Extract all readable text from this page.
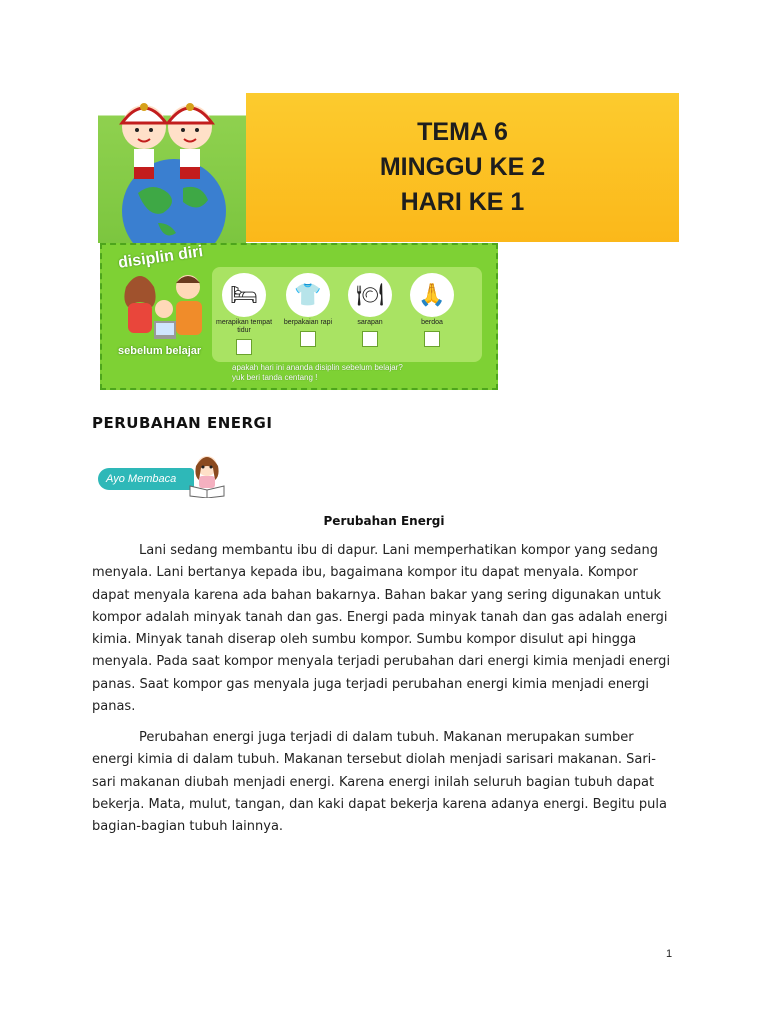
TEMA 6
MINGGU KE 2
HARI KE 1
disiplin diri
sebelum belajar
🛏
merapikan tempat tidur
👕
berpakaian rapi
🍽
sarapan
🙏
berdoa
apakah hari ini ananda disiplin sebelum belajar?
yuk beri tanda centang !
PERUBAHAN ENERGI
Ayo Membaca
Perubahan Energi

Lani sedang membantu ibu di dapur. Lani memperhatikan kompor yang sedang menyala. Lani bertanya kepada ibu, bagaimana kompor itu dapat menyala. Kompor dapat menyala karena ada bahan bakarnya. Bahan bakar yang sering digunakan untuk kompor adalah minyak tanah dan gas. Energi pada minyak tanah dan gas adalah energi kimia. Minyak tanah diserap oleh sumbu kompor. Sumbu kompor disulut api hingga menyala. Pada saat kompor menyala terjadi perubahan dari energi kimia menjadi energi panas. Saat kompor gas menyala juga terjadi perubahan energi kimia menjadi energi panas.

Perubahan energi juga terjadi di dalam tubuh. Makanan merupakan sumber energi kimia di dalam tubuh. Makanan tersebut diolah menjadi sarisari makanan. Sari-sari makanan diubah menjadi energi. Karena energi inilah seluruh bagian tubuh dapat bekerja. Mata, mulut, tangan, dan kaki dapat bekerja karena adanya energi. Begitu pula bagian-bagian tubuh lainnya.

1
